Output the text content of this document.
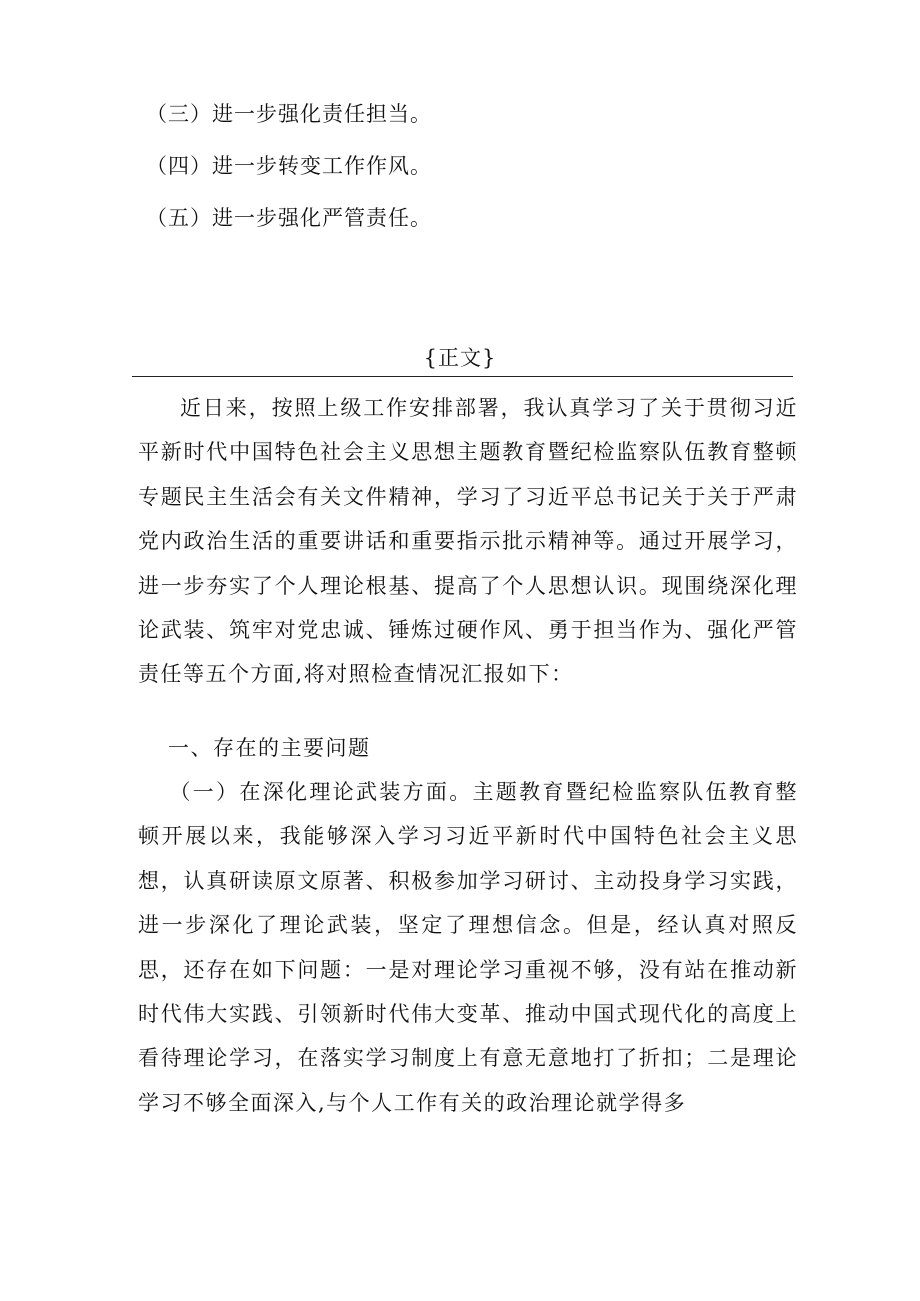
（三）进一步强化责任担当。
（四）进一步转变工作作风。
（五）进一步强化严管责任。
{正文}
近日来，按照上级工作安排部署，我认真学习了关于贯彻习近平新时代中国特色社会主义思想主题教育暨纪检监察队伍教育整顿专题民主生活会有关文件精神，学习了习近平总书记关于关于严肃党内政治生活的重要讲话和重要指示批示精神等。通过开展学习，进一步夯实了个人理论根基、提高了个人思想认识。现围绕深化理论武装、筑牢对党忠诚、锤炼过硬作风、勇于担当作为、强化严管责任等五个方面,将对照检查情况汇报如下：
一、存在的主要问题
（一）在深化理论武装方面。主题教育暨纪检监察队伍教育整顿开展以来，我能够深入学习习近平新时代中国特色社会主义思想，认真研读原文原著、积极参加学习研讨、主动投身学习实践，进一步深化了理论武装，坚定了理想信念。但是，经认真对照反思，还存在如下问题：一是对理论学习重视不够，没有站在推动新时代伟大实践、引领新时代伟大变革、推动中国式现代化的高度上看待理论学习，在落实学习制度上有意无意地打了折扣；二是理论学习不够全面深入,与个人工作有关的政治理论就学得多
